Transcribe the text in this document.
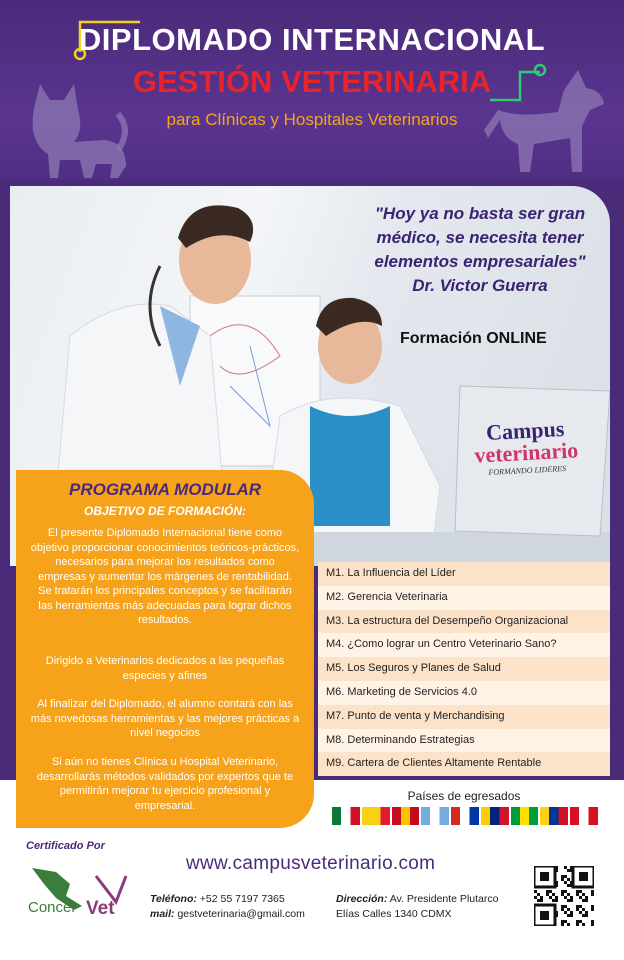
DIPLOMADO INTERNACIONAL
GESTIÓN VETERINARIA
para Clínicas y Hospitales Veterinarios
Campus
veterinario
FORMANDO LIDERES
"Hoy ya no basta ser gran
médico, se necesita tener
elementos empresariales"
Dr. Victor Guerra
Formación ONLINE
PROGRAMA MODULAR
OBJETIVO DE FORMACIÓN:
El presente Diplomado Internacional tiene como objetivo proporcionar conocimientos teóricos-prácticos, necesarios para mejorar los resultados como empresas y aumentar los márgenes de rentabilidad. Se tratarán los principales conceptos y se facilitarán las herramientas más adecuadas para lograr dichos resultados.
Dirigido a Veterinarios dedicados a las pequeñas especies y afines
Al finalizar del Diplomado, el alumno contará con las más novedosas herramientas y las mejores prácticas a nivel negocios
Si aún no tienes Clínica u Hospital Veterinario, desarrollarás métodos validados por expertos que te permitirán mejorar tu ejercicio profesional y empresarial.
M1. La Influencia del Líder
M2. Gerencia Veterinaria
M3. La estructura del Desempeño Organizacional
M4. ¿Como lograr un Centro Veterinario Sano?
M5. Los Seguros y Planes de Salud
M6. Marketing de Servicios 4.0
M7. Punto de venta y Merchandising
M8. Determinando Estrategias
M9. Cartera de Clientes Altamente Rentable
Países de egresados
Certificado Por
Concer Vet
www.campusveterinario.com
Teléfono: +52 55 7197 7365
mail: gestveterinaria@gmail.com
Dirección: Av. Presidente Plutarco
Elías Calles 1340 CDMX
